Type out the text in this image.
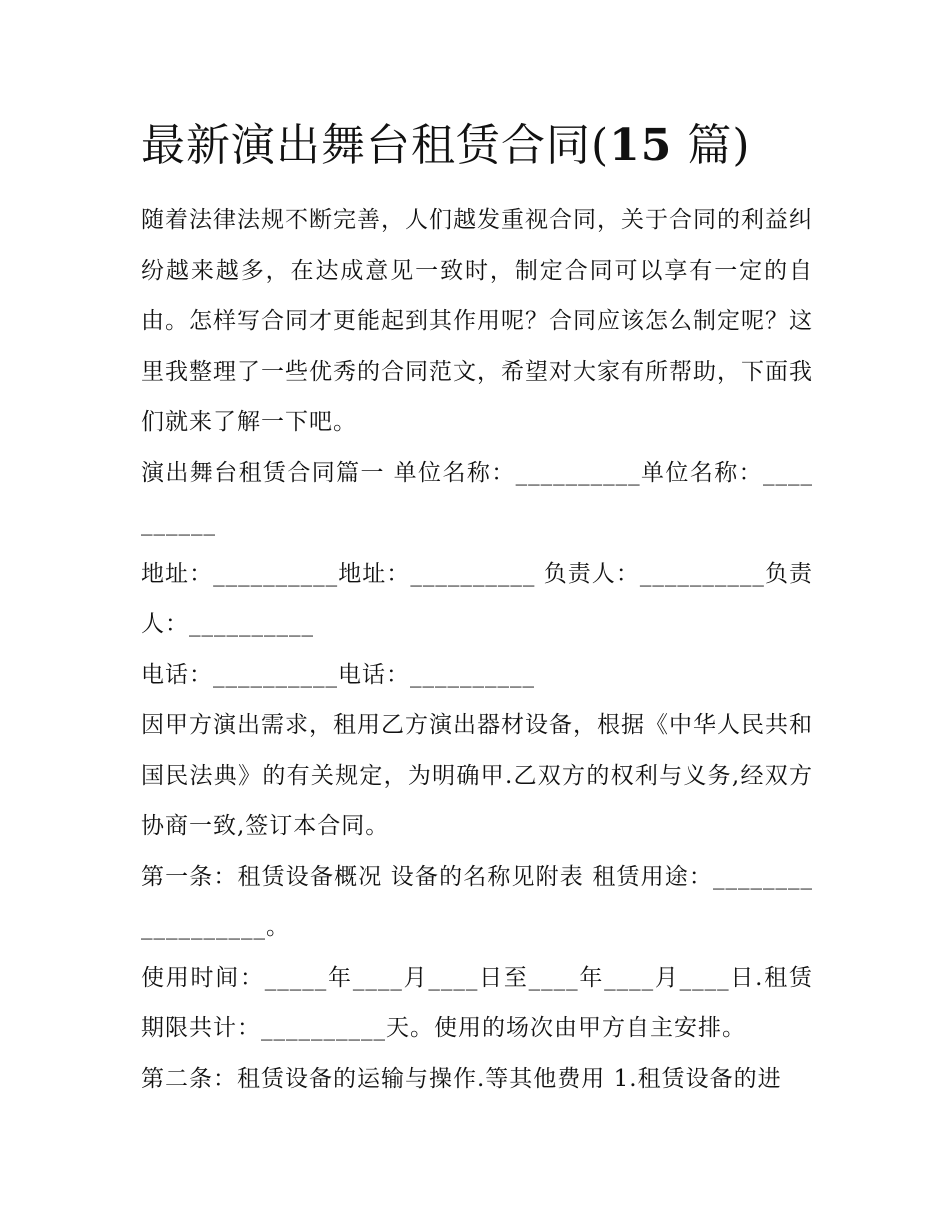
最新演出舞台租赁合同(15 篇)

随着法律法规不断完善，人们越发重视合同，关于合同的利益纠纷越来越多，在达成意见一致时，制定合同可以享有一定的自由。怎样写合同才更能起到其作用呢？合同应该怎么制定呢？这里我整理了一些优秀的合同范文，希望对大家有所帮助，下面我们就来了解一下吧。

演出舞台租赁合同篇一 单位名称：__________单位名称：__________

地址：__________地址：__________ 负责人：__________负责人：__________

电话：__________电话：__________

因甲方演出需求，租用乙方演出器材设备，根据《中华人民共和国民法典》的有关规定，为明确甲.乙双方的权利与义务,经双方协商一致,签订本合同。

第一条：租赁设备概况 设备的名称见附表 租赁用途：__________________。

使用时间：_____年____月____日至____年____月____日.租赁期限共计：__________天。使用的场次由甲方自主安排。

第二条：租赁设备的运输与操作.等其他费用 1.租赁设备的进
